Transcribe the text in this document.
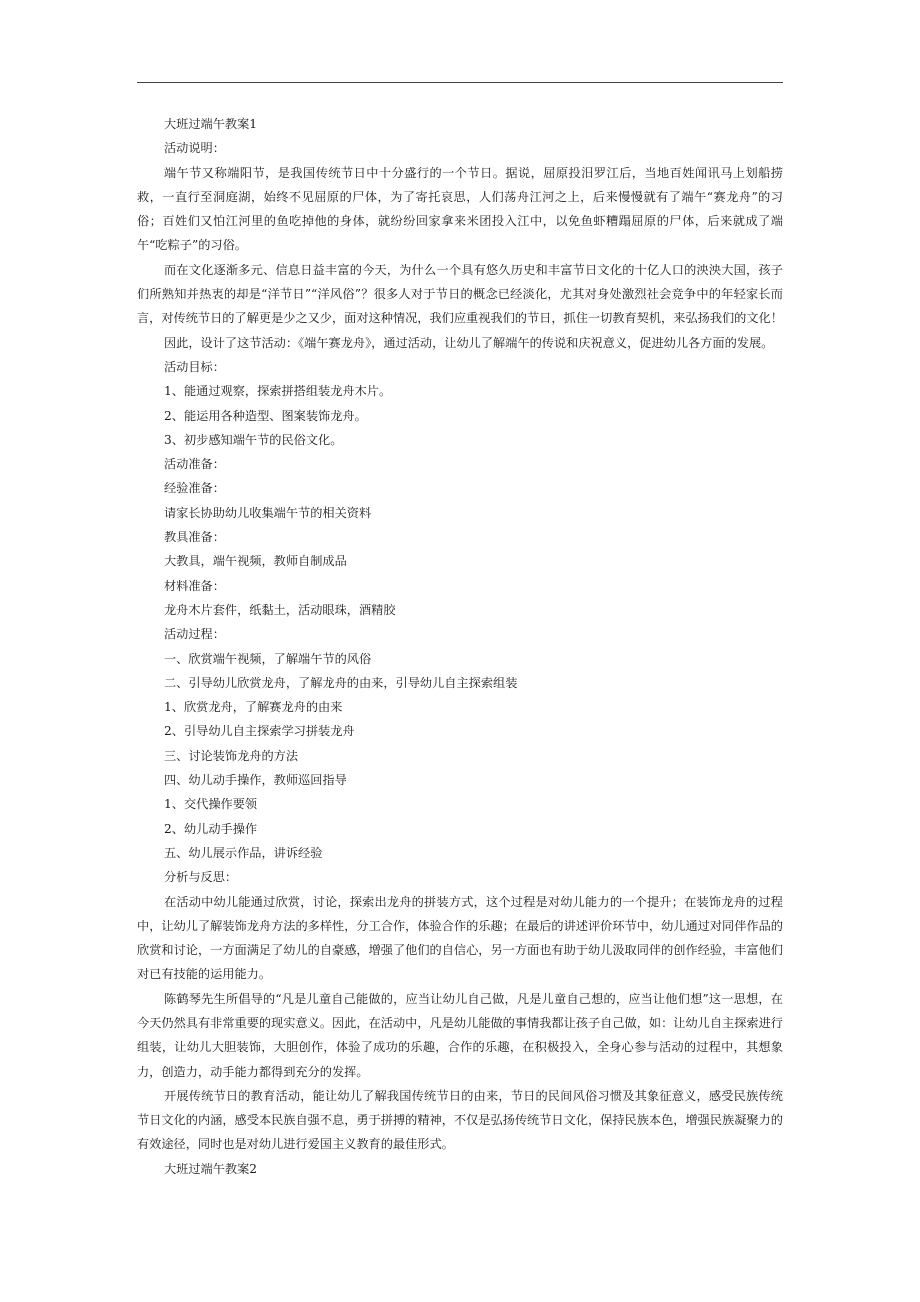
大班过端午教案1

活动说明：

端午节又称端阳节，是我国传统节日中十分盛行的一个节日。据说，屈原投汨罗江后，当地百姓闻讯马上划船捞救，一直行至洞庭湖，始终不见屈原的尸体，为了寄托哀思，人们荡舟江河之上，后来慢慢就有了端午“赛龙舟”的习俗；百姓们又怕江河里的鱼吃掉他的身体，就纷纷回家拿来米团投入江中，以免鱼虾糟蹋屈原的尸体，后来就成了端午“吃粽子”的习俗。

而在文化逐渐多元、信息日益丰富的今天，为什么一个具有悠久历史和丰富节日文化的十亿人口的泱泱大国，孩子们所熟知并热衷的却是“洋节日”“洋风俗”？很多人对于节日的概念已经淡化，尤其对身处激烈社会竞争中的年轻家长而言，对传统节日的了解更是少之又少，面对这种情况，我们应重视我们的节日，抓住一切教育契机，来弘扬我们的文化！

因此，设计了这节活动：《端午赛龙舟》，通过活动，让幼儿了解端午的传说和庆祝意义，促进幼儿各方面的发展。

活动目标：

1、能通过观察，探索拼搭组装龙舟木片。

2、能运用各种造型、图案装饰龙舟。

3、初步感知端午节的民俗文化。

活动准备：

经验准备：

请家长协助幼儿收集端午节的相关资料

教具准备：

大教具，端午视频，教师自制成品

材料准备：

龙舟木片套件，纸黏土，活动眼珠，酒精胶

活动过程：

一、欣赏端午视频，了解端午节的风俗

二、引导幼儿欣赏龙舟，了解龙舟的由来，引导幼儿自主探索组装

1、欣赏龙舟，了解赛龙舟的由来

2、引导幼儿自主探索学习拼装龙舟

三、讨论装饰龙舟的方法

四、幼儿动手操作，教师巡回指导

1、交代操作要领

2、幼儿动手操作

五、幼儿展示作品，讲诉经验

分析与反思：

在活动中幼儿能通过欣赏，讨论，探索出龙舟的拼装方式，这个过程是对幼儿能力的一个提升；在装饰龙舟的过程中，让幼儿了解装饰龙舟方法的多样性，分工合作，体验合作的乐趣；在最后的讲述评价环节中，幼儿通过对同伴作品的欣赏和讨论，一方面满足了幼儿的自豪感，增强了他们的自信心，另一方面也有助于幼儿汲取同伴的创作经验，丰富他们对已有技能的运用能力。

陈鹤琴先生所倡导的“凡是儿童自己能做的，应当让幼儿自己做，凡是儿童自己想的，应当让他们想”这一思想，在今天仍然具有非常重要的现实意义。因此，在活动中，凡是幼儿能做的事情我都让孩子自己做，如：让幼儿自主探索进行组装，让幼儿大胆装饰，大胆创作，体验了成功的乐趣，合作的乐趣，在积极投入，全身心参与活动的过程中，其想象力，创造力，动手能力都得到充分的发挥。

开展传统节日的教育活动，能让幼儿了解我国传统节日的由来，节日的民间风俗习惯及其象征意义，感受民族传统节日文化的内涵，感受本民族自强不息，勇于拼搏的精神，不仅是弘扬传统节日文化，保持民族本色，增强民族凝聚力的有效途径，同时也是对幼儿进行爱国主义教育的最佳形式。

大班过端午教案2
